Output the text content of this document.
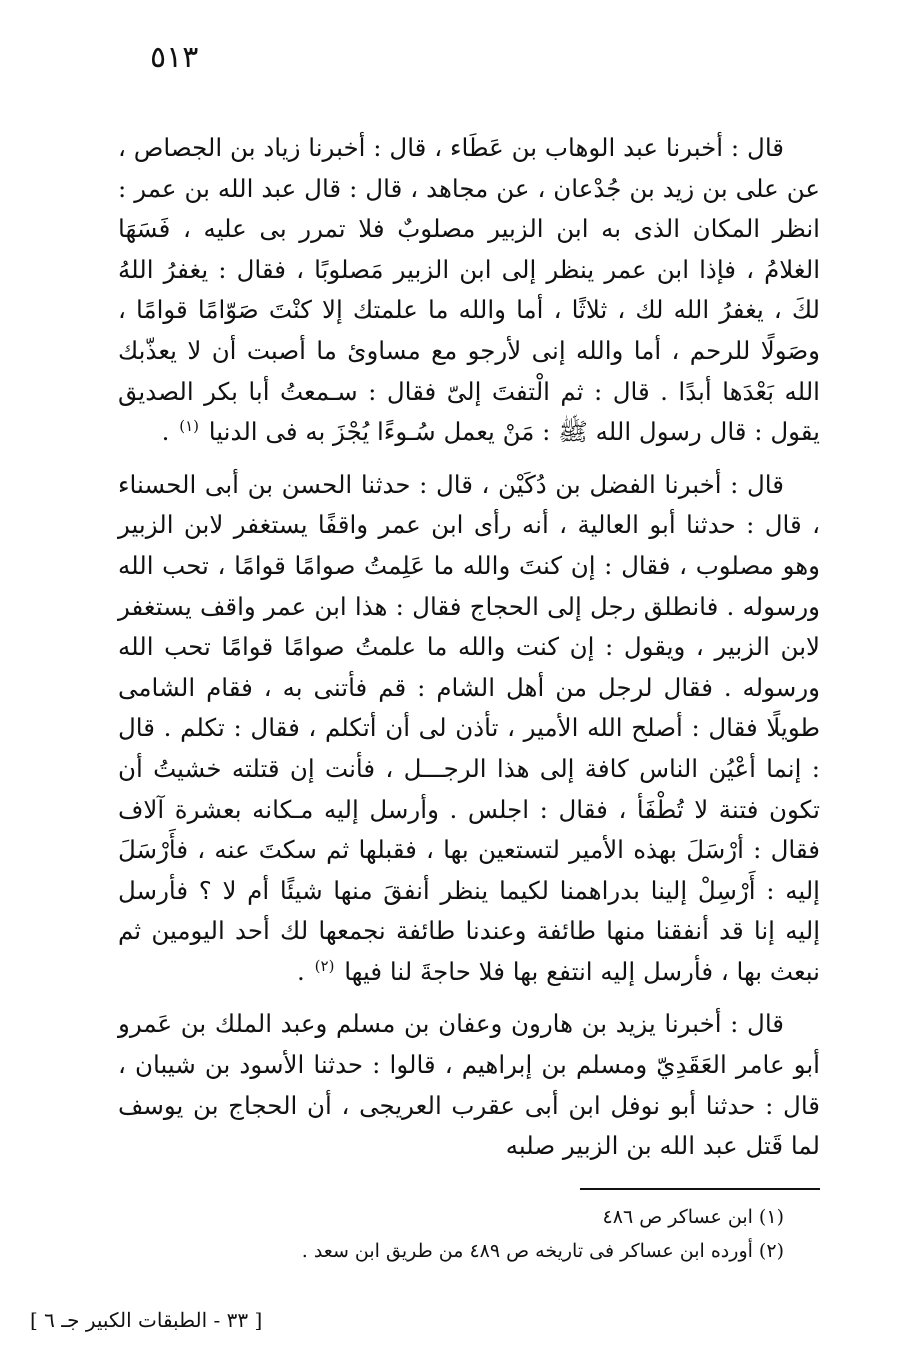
٥١٣

قال : أخبرنا عبد الوهاب بن عَطَاء ، قال : أخبرنا زياد بن الجصاص ، عن على بن زيد بن جُدْعان ، عن مجاهد ، قال : قال عبد الله بن عمر : انظر المكان الذى به ابن الزبير مصلوبٌ فلا تمرر بى عليه ، فَسَهَا الغلامُ ، فإذا ابن عمر ينظر إلى ابن الزبير مَصلوبًا ، فقال : يغفرُ اللهُ لكَ ، يغفرُ الله لك ، ثلاثًا ، أما والله ما علمتك إلا كنْتَ صَوّامًا قوامًا ، وصَولًا للرحم ، أما والله إنى لأرجو مع مساوئ ما أصبت أن لا يعذّبك الله بَعْدَها أبدًا . قال : ثم الْتفتَ إلىّ فقال : سـمعتُ أبا بكر الصديق يقول : قال رسول الله ﷺ : مَنْ يعمل سُـوءًا يُجْزَ به فى الدنيا $^{(١)}$ .

قال : أخبرنا الفضل بن دُكَيْن ، قال : حدثنا الحسن بن أبى الحسناء ، قال : حدثنا أبو العالية ، أنه رأى ابن عمر واقفًا يستغفر لابن الزبير وهو مصلوب ، فقال : إن كنتَ والله ما عَلِمتُ صوامًا قوامًا ، تحب الله ورسوله . فانطلق رجل إلى الحجاج فقال : هذا ابن عمر واقف يستغفر لابن الزبير ، ويقول : إن كنت والله ما علمتُ صوامًا قوامًا تحب الله ورسوله . فقال لرجل من أهل الشام : قم فأتنى به ، فقام الشامى طويلًا فقال : أصلح الله الأمير ، تأذن لى أن أتكلم ، فقال : تكلم . قال : إنما أعْيُن الناس كافة إلى هذا الرجـــل ، فأنت إن قتلته خشيتُ أن تكون فتنة لا تُطْفَأ ، فقال : اجلس . وأرسل إليه مـكانه بعشرة آلاف فقال : أرْسَلَ بهذه الأمير لتستعين بها ، فقبلها ثم سكتَ عنه ، فأَرْسَلَ إليه : أَرْسِلْ إلينا بدراهمنا لكيما ينظر أنفقَ منها شيئًا أم لا ؟ فأرسل إليه إنا قد أنفقنا منها طائفة وعندنا طائفة نجمعها لك أحد اليومين ثم نبعث بها ، فأرسل إليه انتفع بها فلا حاجةَ لنا فيها $^{(٢)}$ .

قال : أخبرنا يزيد بن هارون وعفان بن مسلم وعبد الملك بن عَمرو أبو عامر العَقَدِيّ ومسلم بن إبراهيم ، قالوا : حدثنا الأسود بن شيبان ، قال : حدثنا أبو نوفل ابن أبى عقرب العريجى ، أن الحجاج بن يوسف لما قَتل عبد الله بن الزبير صلبه

(١) ابن عساكر ص ٤٨٦
(٢) أورده ابن عساكر فى تاريخه ص ٤٨٩ من طريق ابن سعد .
[ ٣٣ - الطبقات الكبير جـ ٦ ]
